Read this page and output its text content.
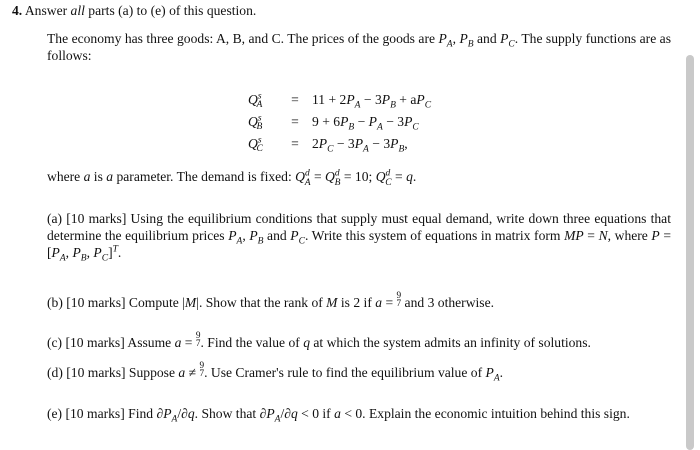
4. Answer all parts (a) to (e) of this question.
The economy has three goods: A, B, and C. The prices of the goods are $P_A$, $P_B$ and $P_C$. The supply functions are as follows:
$Q^s_A$	= $11 + 2P_A - 3P_B + aP_C$
$Q^s_B$	= $9 + 6P_B - P_A - 3P_C$
$Q^s_C$	= $2P_C - 3P_A - 3P_B$,
where a is a parameter. The demand is fixed: $Q^d_A = Q^d_B = 10$; $Q^d_C = q$.
(a) [10 marks] Using the equilibrium conditions that supply must equal demand, write down three equations that determine the equilibrium prices $P_A$, $P_B$ and $P_C$. Write this system of equations in matrix form MP = N, where $P = [P_A$, $P_B$, $P_C]^T$.
(b) [10 marks] Compute |M|. Show that the rank of M is 2 if a = 9
7 and 3 otherwise.
(c) [10 marks] Assume a = 9
7. Find the value of q at which the system admits an infinity of solutions.
(d) [10 marks] Suppose a ≠ 9
7. Use Cramer's rule to find the equilibrium value of $P_A$.
(e) [10 marks] Find $\partial P_A/\partial q$. Show that $\partial P_A/\partial q < 0$ if a < 0. Explain the economic intuition behind this sign.
